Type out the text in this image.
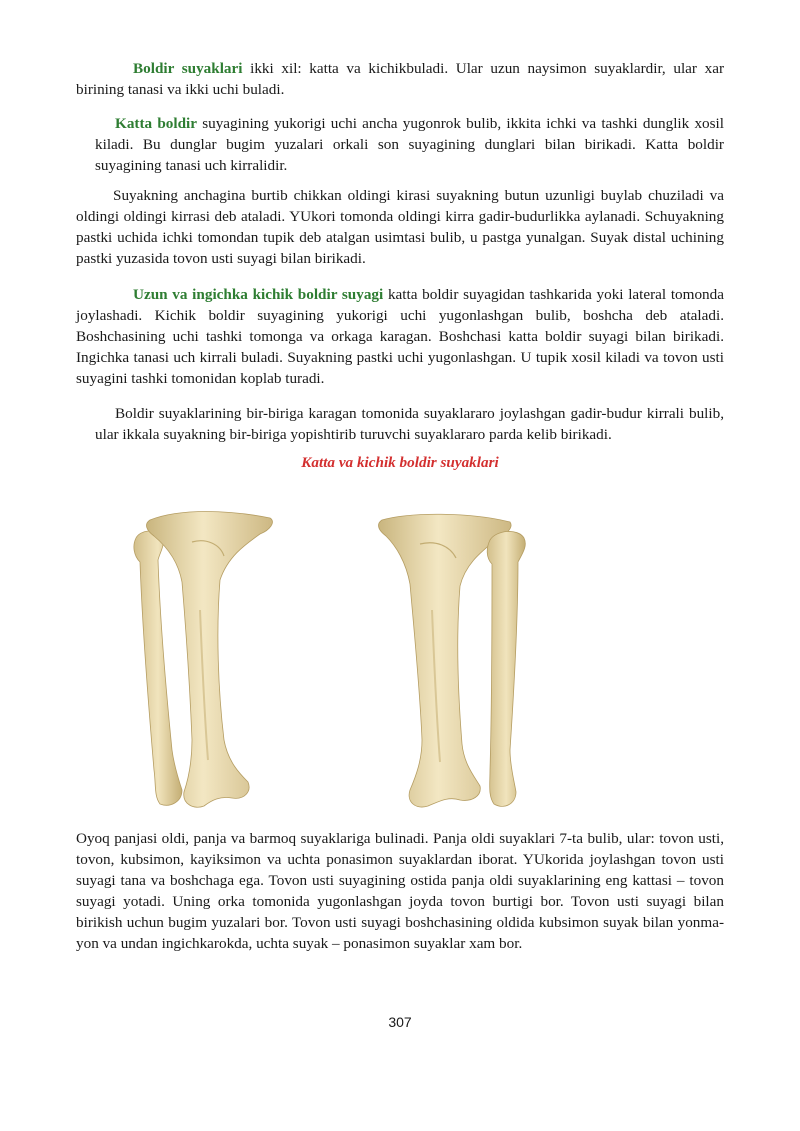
Boldir suyaklari ikki xil: katta va kichikbuladi. Ular uzun naysimon suyaklardir, ular xar birining tanasi va ikki uchi buladi.

Katta boldir suyagining yukorigi uchi ancha yugonrok bulib, ikkita ichki va tashki dunglik xosil kiladi. Bu dunglar bugim yuzalari orkali son suyagining dunglari bilan birikadi. Katta boldir suyagining tanasi uch kirralidir.

Suyakning anchagina burtib chikkan oldingi kirasi suyakning butun uzunligi buylab chuziladi va oldingi oldingi kirrasi deb ataladi. YUkori tomonda oldingi kirra gadir-budurlikka aylanadi. Schuyakning pastki uchida ichki tomondan tupik deb atalgan usimtasi bulib, u pastga yunalgan. Suyak distal uchining pastki yuzasida tovon usti suyagi bilan birikadi.

Uzun va ingichka kichik boldir suyagi katta boldir suyagidan tashkarida yoki lateral tomonda joylashadi. Kichik boldir suyagining yukorigi uchi yugonlashgan bulib, boshcha deb ataladi. Boshchasining uchi tashki tomonga va orkaga karagan. Boshchasi katta boldir suyagi bilan birikadi. Ingichka tanasi uch kirrali buladi. Suyakning pastki uchi yugonlashgan. U tupik xosil kiladi va tovon usti suyagini tashki tomonidan koplab turadi.

Boldir suyaklarining bir-biriga karagan tomonida suyaklararo joylashgan gadir-budur kirrali bulib, ular ikkala suyakning bir-biriga yopishtirib turuvchi suyaklararo parda kelib birikadi.

Katta va kichik boldir suyaklari

Oyoq panjasi oldi, panja va barmoq suyaklariga bulinadi. Panja oldi suyaklari 7-ta bulib, ular: tovon usti, tovon, kubsimon, kayiksimon va uchta ponasimon suyaklardan iborat. YUkorida joylashgan tovon usti suyagi tana va boshchaga ega. Tovon usti suyagining ostida panja oldi suyaklarining eng kattasi – tovon suyagi yotadi. Uning orka tomonida yugonlashgan joyda tovon burtigi bor. Tovon usti suyagi bilan birikish uchun bugim yuzalari bor. Tovon usti suyagi boshchasining oldida kubsimon suyak bilan yonma-yon va undan ingichkarokda, uchta suyak – ponasimon suyaklar xam bor.

307
